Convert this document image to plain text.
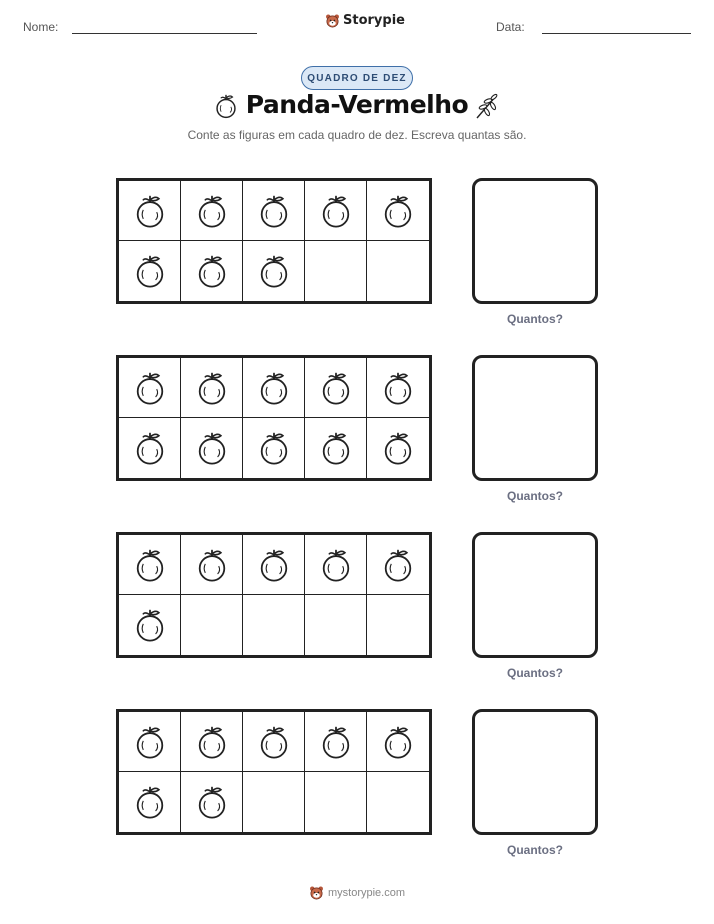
Nome:	Storypie	Data:
QUADRO DE DEZ
Panda-Vermelho
Conte as figuras em cada quadro de dez. Escreva quantas são.
Quantos?
Quantos?
Quantos?
Quantos?
mystorypie.com
